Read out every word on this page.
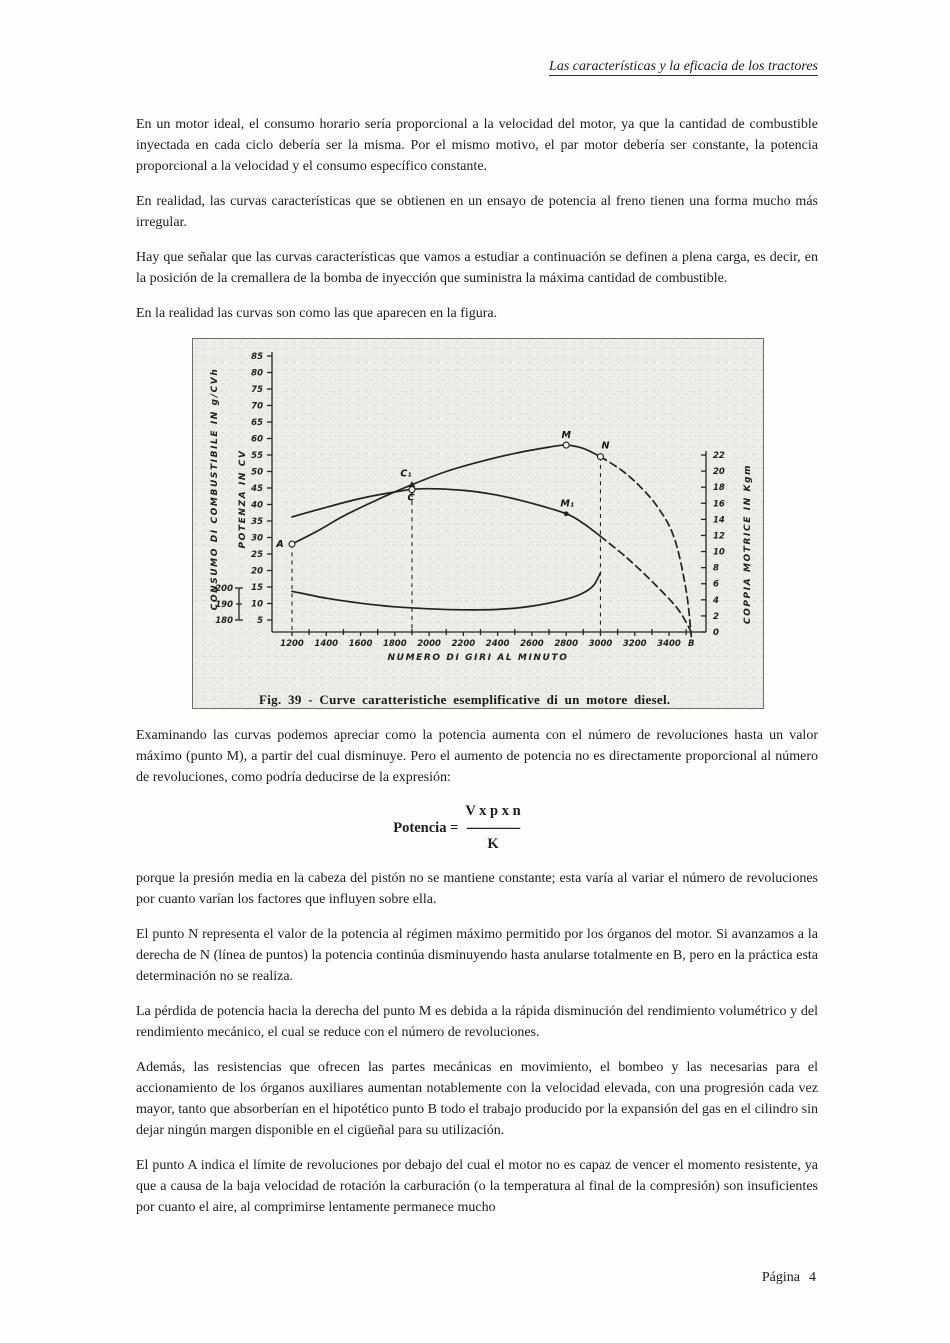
Las características y la eficacia de los tractores

En un motor ideal, el consumo horario sería proporcional a la velocidad del motor, ya que la cantidad de combustible inyectada en cada ciclo debería ser la misma. Por el mismo motivo, el par motor debería ser constante, la potencia proporcional a la velocidad y el consumo específico constante.

En realidad, las curvas características que se obtienen en un ensayo de potencia al freno tienen una forma mucho más irregular.

Hay que señalar que las curvas características que vamos a estudiar a continuación se definen a plena carga, es decir, en la posición de la cremallera de la bomba de inyección que suministra la máxima cantidad de combustible.

En la realidad las curvas son como las que aparecen en la figura.

5
10
15
20
25
30
35
40
45
50
55
60
65
70
75
80
85
0
2
4
6
8
10
12
14
16
18
20
22
1200 1400 1600 1800 2000 2200 2400 2600 2800 3000 3200 3400 B
200
190
180
CONSUMO DI COMBUSTIBILE IN g/CVh POTENZA IN CV	COPPIA MOTRICE IN Kgm
NUMERO DI GIRI AL MINUTO
A
C₁
C
M
M₁
N
Fig. 39 - Curve caratteristiche esemplificative di un motore diesel.

Examinando las curvas podemos apreciar como la potencia aumenta con el número de revoluciones hasta un valor máximo (punto M), a partir del cual disminuye. Pero el aumento de potencia no es directamente proporcional al número de revoluciones, como podría deducirse de la expresión:

Potencia =
V x p x n
--------------
K

porque la presión media en la cabeza del pistón no se mantiene constante; esta varía al variar el número de revoluciones por cuanto varían los factores que influyen sobre ella.

El punto N representa el valor de la potencia al régimen máximo permitido por los órganos del motor. Si avanzamos a la derecha de N (línea de puntos) la potencia continúa disminuyendo hasta anularse totalmente en B, pero en la práctica esta determinación no se realiza.

La pérdida de potencia hacia la derecha del punto M es debida a la rápida disminución del rendimiento volumétrico y del rendimiento mecánico, el cual se reduce con el número de revoluciones.

Además, las resistencias que ofrecen las partes mecánicas en movimiento, el bombeo y las necesarias para el accionamiento de los órganos auxiliares aumentan notablemente con la velocidad elevada, con una progresión cada vez mayor, tanto que absorberían en el hipotético punto B todo el trabajo producido por la expansión del gas en el cilindro sin dejar ningún margen disponible en el cigüeñal para su utilización.

El punto A indica el límite de revoluciones por debajo del cual el motor no es capaz de vencer el momento resistente, ya que a causa de la baja velocidad de rotación la carburación (o la temperatura al final de la compresión) son insuficientes por cuanto el aire, al comprimirse lentamente permanece mucho

Página 4
